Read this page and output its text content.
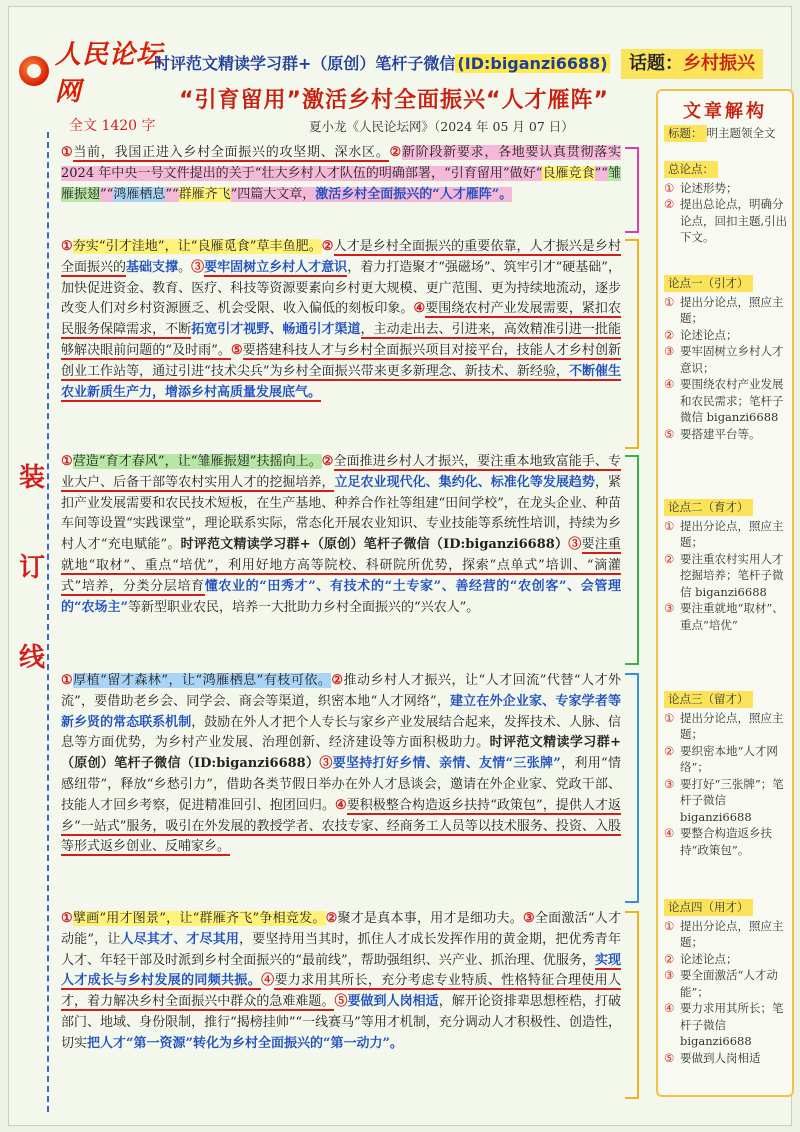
人民论坛网
时评范文精读学习群+（原创）笔杆子微信 (ID:biganzi6688)	话题：乡村振兴
“引育留用”激活乡村全面振兴“人才雁阵”
全文 1420 字	夏小龙《人民论坛网》（2024 年 05 月 07 日）
装
订
线
①当前，我国正进入乡村全面振兴的攻坚期、深水区。②新阶段新要求，各地要认真贯彻落实 2024 年中央一号文件提出的关于“壮大乡村人才队伍的明确部署，“引育留用”做好“良雁竞食”“雏雁振翅”“鸿雁栖息”“群雁齐飞”四篇大文章，激活乡村全面振兴的“人才雁阵”。
①夯实“引才洼地”，让“良雁觅食”草丰鱼肥。②人才是乡村全面振兴的重要依靠，人才振兴是乡村全面振兴的基础支撑。③要牢固树立乡村人才意识，着力打造聚才“强磁场”、筑牢引才“硬基础”，加快促进资金、教育、医疗、科技等资源要素向乡村更大规模、更广范围、更为持续地流动，逐步改变人们对乡村资源匮乏、机会受限、收入偏低的刻板印象。④要围绕农村产业发展需要，紧扣农民服务保障需求，不断拓宽引才视野、畅通引才渠道，主动走出去、引进来，高效精准引进一批能够解决眼前问题的“及时雨”。⑤要搭建科技人才与乡村全面振兴项目对接平台，技能人才乡村创新创业工作站等，通过引进“技术尖兵”为乡村全面振兴带来更多新理念、新技术、新经验，不断催生农业新质生产力，增添乡村高质量发展底气。
①营造“育才春风”，让“雏雁振翅”扶摇向上。②全面推进乡村人才振兴，要注重本地致富能手、专业大户、后备干部等农村实用人才的挖掘培养，立足农业现代化、集约化、标准化等发展趋势，紧扣产业发展需要和农民技术短板，在生产基地、种养合作社等组建“田间学校”，在龙头企业、种苗车间等设置“实践课堂”，理论联系实际，常态化开展农业知识、专业技能等系统性培训，持续为乡村人才“充电赋能”。时评范文精读学习群+（原创）笔杆子微信（ID:biganzi6688）③要注重就地“取材”、重点“培优”，利用好地方高等院校、科研院所优势，探索“点单式”培训、“滴灌式”培养，分类分层培育懂农业的“田秀才”、有技术的“土专家”、善经营的“农创客”、会管理的“农场主”等新型职业农民，培养一大批助力乡村全面振兴的“兴农人”。
①厚植“留才森林”，让“鸿雁栖息”有枝可依。②推动乡村人才振兴，让“人才回流”代替“人才外流”，要借助老乡会、同学会、商会等渠道，织密本地“人才网络”，建立在外企业家、专家学者等新乡贤的常态联系机制，鼓励在外人才把个人专长与家乡产业发展结合起来，发挥技术、人脉、信息等方面优势，为乡村产业发展、治理创新、经济建设等方面积极助力。时评范文精读学习群+（原创）笔杆子微信（ID:biganzi6688）③要坚持打好乡情、亲情、友情“三张牌”，利用“情感纽带”，释放“乡愁引力”，借助各类节假日举办在外人才恳谈会，邀请在外企业家、党政干部、技能人才回乡考察，促进精准回引、抱团回归。④要积极整合构造返乡扶持“政策包”，提供人才返乡“一站式”服务，吸引在外发展的教授学者、农技专家、经商务工人员等以技术服务、投资、入股等形式返乡创业、反哺家乡。
①擘画“用才图景”，让“群雁齐飞”争相竞发。②聚才是真本事，用才是细功夫。③全面激活“人才动能”，让人尽其才、才尽其用，要坚持用当其时，抓住人才成长发挥作用的黄金期，把优秀青年人才、年轻干部及时派到乡村全面振兴的“最前线”，帮助强组织、兴产业、抓治理、优服务，实现人才成长与乡村发展的同频共振。④要力求用其所长，充分考虑专业特质、性格特征合理使用人才，着力解决乡村全面振兴中群众的急难难题。⑤要做到人岗相适，解开论资排辈思想桎梏，打破部门、地域、身份限制，推行“揭榜挂帅”“一线赛马”等用才机制，充分调动人才积极性、创造性，切实把人才“第一资源”转化为乡村全面振兴的“第一动力”。
文章解构
标题： 明主题领全文
总论点：
① 论述形势；
② 提出总论点，明确分论点，回扣主题,引出下文。
论点一（引才）
① 提出分论点，照应主题；
② 论述论点；
③ 要牢固树立乡村人才意识；
④ 要围绕农村产业发展和农民需求；笔杆子微信 biganzi6688
⑤ 要搭建平台等。
论点二（育才）
① 提出分论点，照应主题；
② 要注重农村实用人才挖掘培养；笔杆子微信 biganzi6688
③ 要注重就地“取材”、重点“培优”
论点三（留才）
① 提出分论点，照应主题；
② 要织密本地“人才网络”；
③ 要打好“三张牌”；笔杆子微信 biganzi6688
④ 要整合构造返乡扶持“政策包”。
论点四（用才）
① 提出分论点，照应主题；
② 论述论点；
③ 要全面激活“人才动能”；
④ 要力求用其所长；笔杆子微信 biganzi6688
⑤ 要做到人岗相适
